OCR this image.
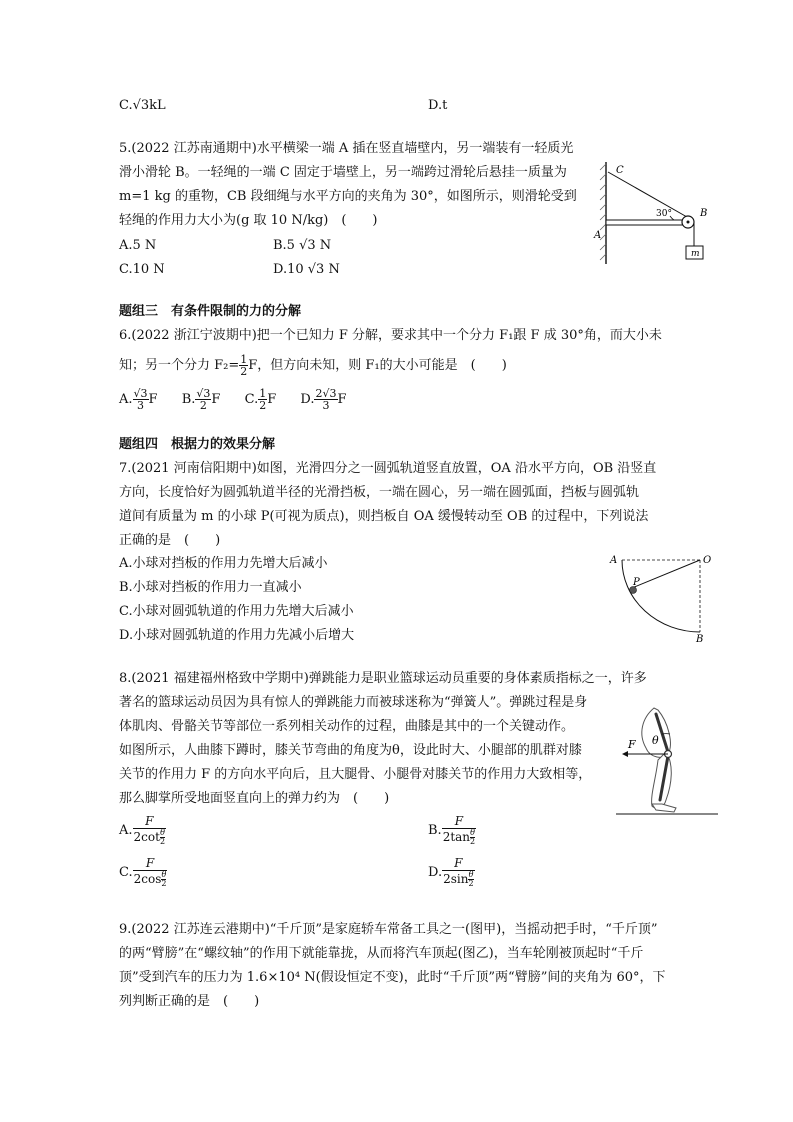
C.√3kL	D.t
5.(2022 江苏南通期中)水平横梁一端 A 插在竖直墙壁内，另一端装有一轻质光
滑小滑轮 B。一轻绳的一端 C 固定于墙壁上，另一端跨过滑轮后悬挂一质量为
m=1 kg 的重物，CB 段细绳与水平方向的夹角为 30°，如图所示，则滑轮受到
轻绳的作用力大小为(g 取 10 N/kg)　(　　)
A.5 N	B.5 √3 N
C.10 N	D.10 √3 N
C
B
A
30°
m
题组三　有条件限制的力的分解
6.(2022 浙江宁波期中)把一个已知力 F 分解，要求其中一个分力 F₁跟 F 成 30°角，而大小未
知；另一个分力 $F_2= \frac{1}{2}$ F，但方向未知，则 F₁的大小可能是　(　　)
A. $\frac{√3}{3}$ F B. $\frac{√3}{2}$ F C. $\frac{1}{2}$ F D. $\frac{2√3}{3}$ F
题组四　根据力的效果分解
7.(2021 河南信阳期中)如图，光滑四分之一圆弧轨道竖直放置，OA 沿水平方向，OB 沿竖直
方向，长度恰好为圆弧轨道半径的光滑挡板，一端在圆心，另一端在圆弧面，挡板与圆弧轨
道间有质量为 m 的小球 P(可视为质点)，则挡板自 OA 缓慢转动至 OB 的过程中，下列说法
正确的是　(　　)
A.小球对挡板的作用力先增大后减小
B.小球对挡板的作用力一直减小
C.小球对圆弧轨道的作用力先增大后减小
D.小球对圆弧轨道的作用力先减小后增大
A	O
P
B
8.(2021 福建福州格致中学期中)弹跳能力是职业篮球运动员重要的身体素质指标之一，许多
著名的篮球运动员因为具有惊人的弹跳能力而被球迷称为“弹簧人”。弹跳过程是身
体肌肉、骨骼关节等部位一系列相关动作的过程，曲膝是其中的一个关键动作。
如图所示，人曲膝下蹲时，膝关节弯曲的角度为θ，设此时大、小腿部的肌群对膝
关节的作用力 F 的方向水平向后，且大腿骨、小腿骨对膝关节的作用力大致相等，
那么脚掌所受地面竖直向上的弹力约为　(　　)
A. $\frac{F}{2\cot \frac{\theta}{2}}$	B. $\frac{F}{2\tan \frac{\theta}{2}}$
C. $\frac{F}{2\cos \frac{\theta}{2}}$	D. $\frac{F}{2\sin \frac{\theta}{2}}$
F θ
9.(2022 江苏连云港期中)“千斤顶”是家庭轿车常备工具之一(图甲)，当摇动把手时，“千斤顶”
的两“臂膀”在“螺纹轴”的作用下就能靠拢，从而将汽车顶起(图乙)，当车轮刚被顶起时“千斤
顶”受到汽车的压力为 1.6×10⁴ N(假设恒定不变)，此时“千斤顶”两“臂膀”间的夹角为 60°，下
列判断正确的是　(　　)
